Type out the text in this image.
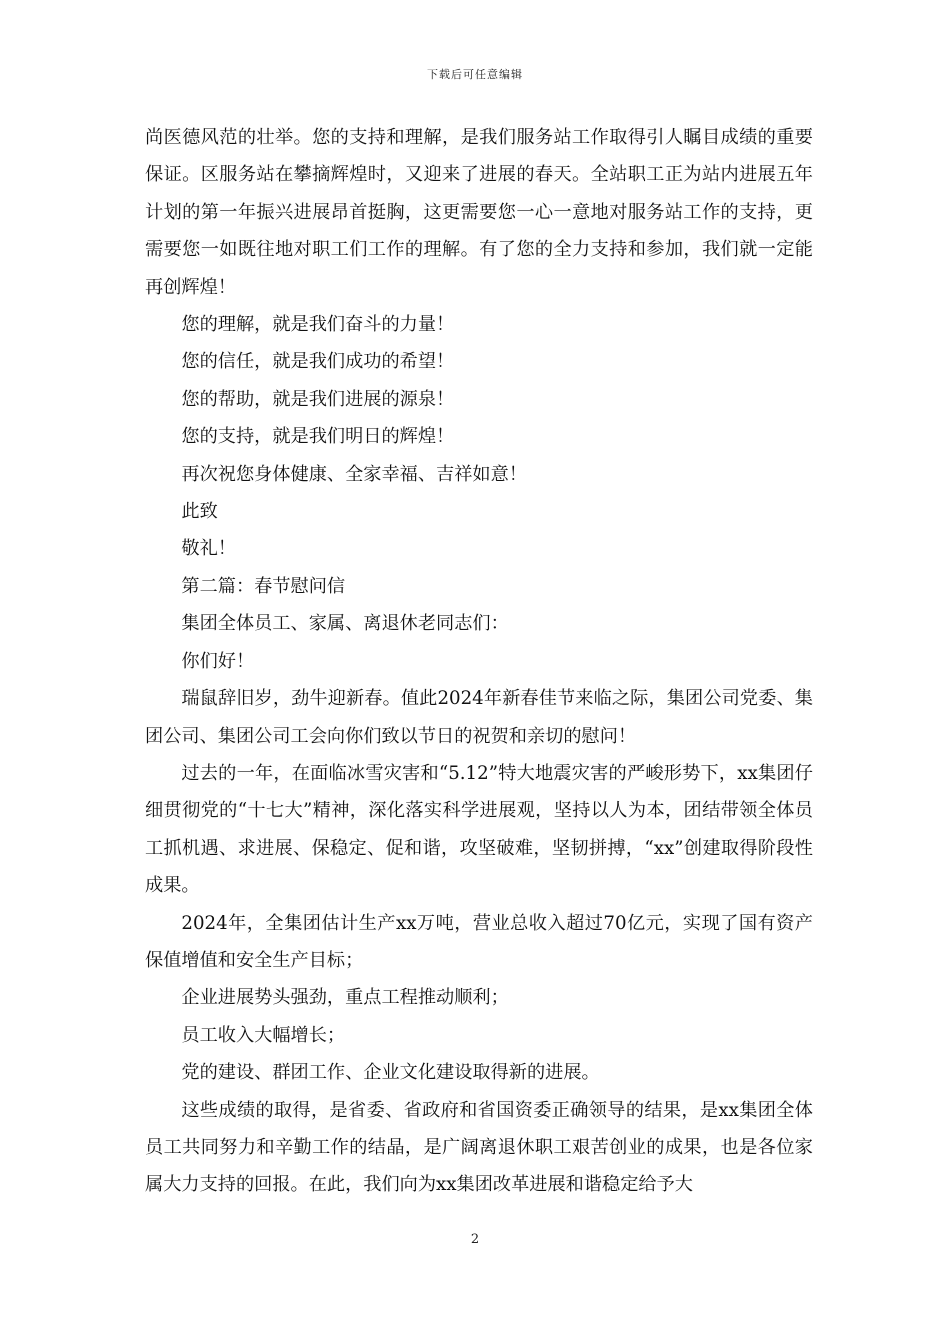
下载后可任意编辑

尚医德风范的壮举。您的支持和理解，是我们服务站工作取得引人瞩目成绩的重要保证。区服务站在攀摘辉煌时，又迎来了进展的春天。全站职工正为站内进展五年计划的第一年振兴进展昂首挺胸，这更需要您一心一意地对服务站工作的支持，更需要您一如既往地对职工们工作的理解。有了您的全力支持和参加，我们就一定能再创辉煌！

您的理解，就是我们奋斗的力量！

您的信任，就是我们成功的希望！

您的帮助，就是我们进展的源泉！

您的支持，就是我们明日的辉煌！

再次祝您身体健康、全家幸福、吉祥如意！

此致

敬礼！

第二篇：春节慰问信

集团全体员工、家属、离退休老同志们：

你们好！

瑞鼠辞旧岁，劲牛迎新春。值此2024年新春佳节来临之际，集团公司党委、集团公司、集团公司工会向你们致以节日的祝贺和亲切的慰问！

过去的一年，在面临冰雪灾害和“5.12”特大地震灾害的严峻形势下，xx集团仔细贯彻党的“十七大”精神，深化落实科学进展观，坚持以人为本，团结带领全体员工抓机遇、求进展、保稳定、促和谐，攻坚破难，坚韧拼搏，“xx”创建取得阶段性成果。

2024年，全集团估计生产xx万吨，营业总收入超过70亿元，实现了国有资产保值增值和安全生产目标；

企业进展势头强劲，重点工程推动顺利；

员工收入大幅增长；

党的建设、群团工作、企业文化建设取得新的进展。

这些成绩的取得，是省委、省政府和省国资委正确领导的结果，是xx集团全体员工共同努力和辛勤工作的结晶，是广阔离退休职工艰苦创业的成果，也是各位家属大力支持的回报。在此，我们向为xx集团改革进展和谐稳定给予大

2
